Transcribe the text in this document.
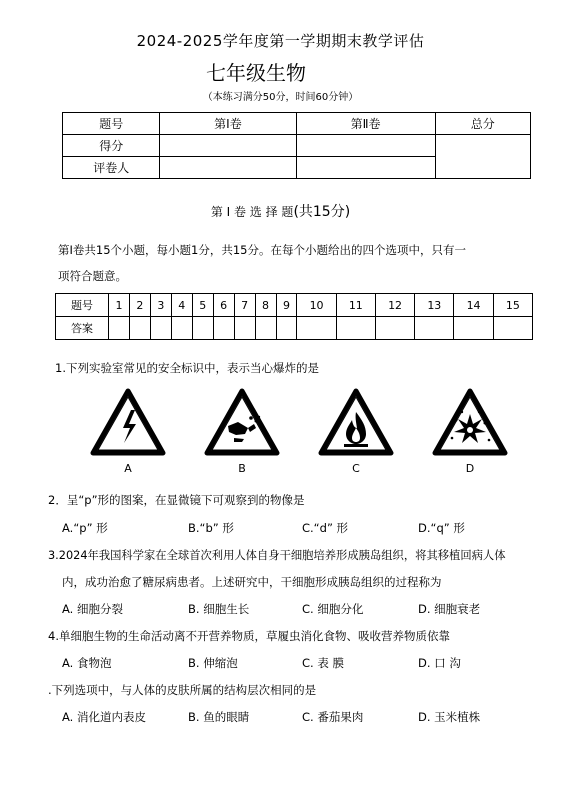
2024-2025学年度第一学期期末教学评估
七年级生物
（本练习满分50分，时间60分钟）
题号	第Ⅰ卷	第Ⅱ卷	总分
得分			
评卷人			
第 Ⅰ 卷 选 择 题(共15分)
第Ⅰ卷共15个小题，每小题1分，共15分。在每个小题给出的四个选项中，只有一
项符合题意。
题号	1	2	3	4	5	6	7	8	9	10	11	12	13	14	15
答案															
1.下列实验室常见的安全标识中，表示当心爆炸的是
A	B	C	D
2．呈“p”形的图案，在显微镜下可观察到的物像是
A.“p” 形	B.“b” 形	C.“d” 形	D.“q” 形
3.2024年我国科学家在全球首次利用人体自身干细胞培养形成胰岛组织，将其移植回病人体
内，成功治愈了糖尿病患者。上述研究中，干细胞形成胰岛组织的过程称为
A. 细胞分裂	B. 细胞生长	C. 细胞分化	D. 细胞衰老
4.单细胞生物的生命活动离不开营养物质，草履虫消化食物、吸收营养物质依靠
A. 食物泡	B. 伸缩泡	C. 表 膜	D. 口 沟
.下列选项中，与人体的皮肤所属的结构层次相同的是
A. 消化道内表皮	B. 鱼的眼睛	C. 番茄果肉	D. 玉米植株
